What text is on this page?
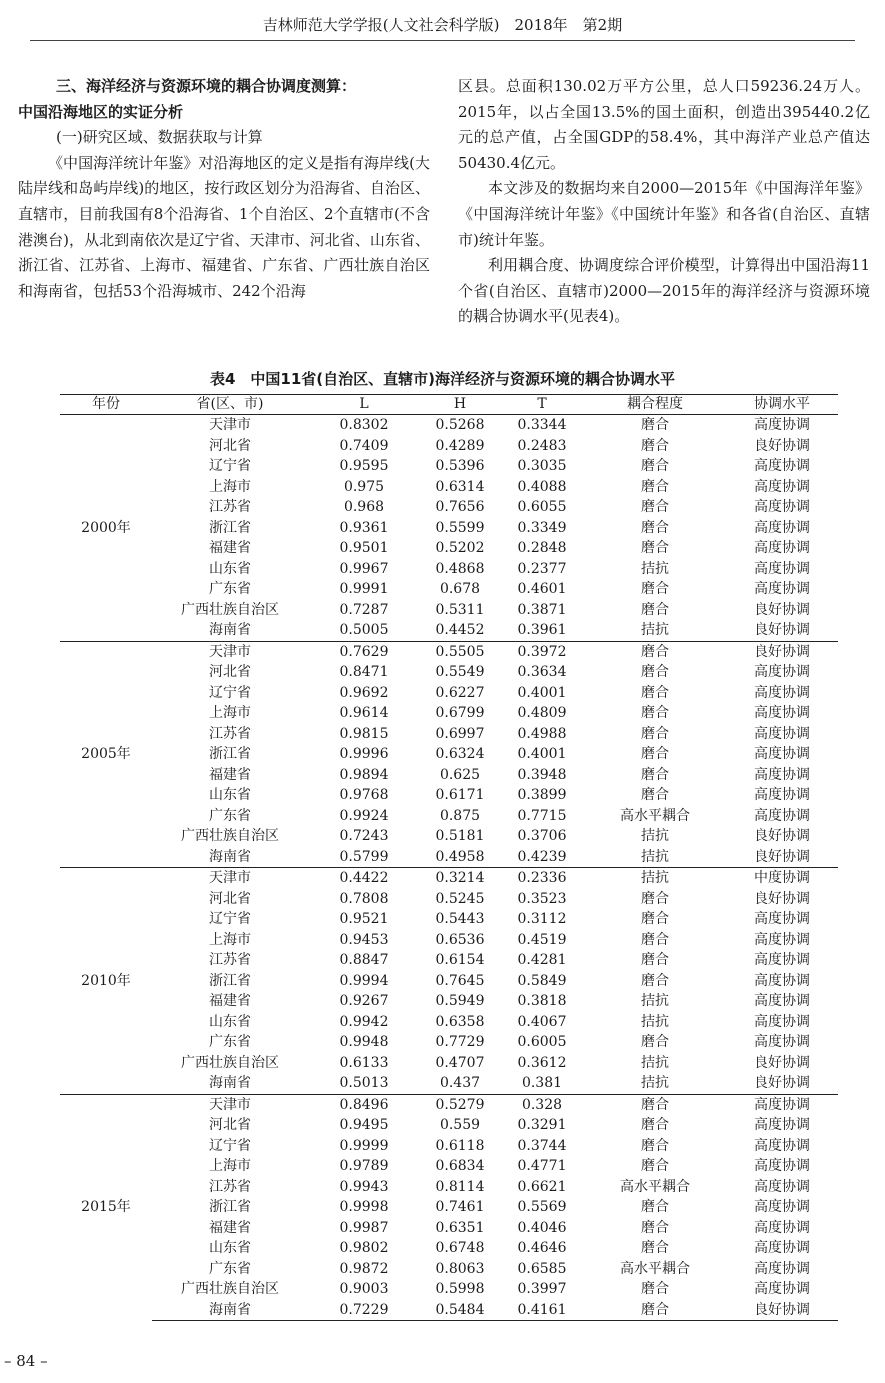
吉林师范大学学报(人文社会科学版)　2018年　第2期

三、海洋经济与资源环境的耦合协调度测算：
中国沿海地区的实证分析

(一)研究区域、数据获取与计算

《中国海洋统计年鉴》对沿海地区的定义是指有海岸线(大陆岸线和岛屿岸线)的地区，按行政区划分为沿海省、自治区、直辖市，目前我国有8个沿海省、1个自治区、2个直辖市(不含港澳台)，从北到南依次是辽宁省、天津市、河北省、山东省、浙江省、江苏省、上海市、福建省、广东省、广西壮族自治区和海南省，包括53个沿海城市、242个沿海

区县。总面积130.02万平方公里，总人口59236.24万人。2015年，以占全国13.5%的国土面积，创造出395440.2亿元的总产值，占全国GDP的58.4%，其中海洋产业总产值达50430.4亿元。

本文涉及的数据均来自2000—2015年《中国海洋年鉴》《中国海洋统计年鉴》《中国统计年鉴》和各省(自治区、直辖市)统计年鉴。

利用耦合度、协调度综合评价模型，计算得出中国沿海11个省(自治区、直辖市)2000—2015年的海洋经济与资源环境的耦合协调水平(见表4)。

表4　中国11省(自治区、直辖市)海洋经济与资源环境的耦合协调水平
年份	省(区、市)	L	H	T	耦合程度	协调水平
2000年	天津市	0.8302	0.5268	0.3344	磨合	高度协调
	河北省	0.7409	0.4289	0.2483	磨合	良好协调
	辽宁省	0.9595	0.5396	0.3035	磨合	高度协调
	上海市	0.975	0.6314	0.4088	磨合	高度协调
	江苏省	0.968	0.7656	0.6055	磨合	高度协调
	浙江省	0.9361	0.5599	0.3349	磨合	高度协调
	福建省	0.9501	0.5202	0.2848	磨合	高度协调
	山东省	0.9967	0.4868	0.2377	拮抗	高度协调
	广东省	0.9991	0.678	0.4601	磨合	高度协调
	广西壮族自治区	0.7287	0.5311	0.3871	磨合	良好协调
	海南省	0.5005	0.4452	0.3961	拮抗	良好协调
2005年	天津市	0.7629	0.5505	0.3972	磨合	良好协调
	河北省	0.8471	0.5549	0.3634	磨合	高度协调
	辽宁省	0.9692	0.6227	0.4001	磨合	高度协调
	上海市	0.9614	0.6799	0.4809	磨合	高度协调
	江苏省	0.9815	0.6997	0.4988	磨合	高度协调
	浙江省	0.9996	0.6324	0.4001	磨合	高度协调
	福建省	0.9894	0.625	0.3948	磨合	高度协调
	山东省	0.9768	0.6171	0.3899	磨合	高度协调
	广东省	0.9924	0.875	0.7715	高水平耦合	高度协调
	广西壮族自治区	0.7243	0.5181	0.3706	拮抗	良好协调
	海南省	0.5799	0.4958	0.4239	拮抗	良好协调
2010年	天津市	0.4422	0.3214	0.2336	拮抗	中度协调
	河北省	0.7808	0.5245	0.3523	磨合	良好协调
	辽宁省	0.9521	0.5443	0.3112	磨合	高度协调
	上海市	0.9453	0.6536	0.4519	磨合	高度协调
	江苏省	0.8847	0.6154	0.4281	磨合	高度协调
	浙江省	0.9994	0.7645	0.5849	磨合	高度协调
	福建省	0.9267	0.5949	0.3818	拮抗	高度协调
	山东省	0.9942	0.6358	0.4067	拮抗	高度协调
	广东省	0.9948	0.7729	0.6005	磨合	高度协调
	广西壮族自治区	0.6133	0.4707	0.3612	拮抗	良好协调
	海南省	0.5013	0.437	0.381	拮抗	良好协调
2015年	天津市	0.8496	0.5279	0.328	磨合	高度协调
	河北省	0.9495	0.559	0.3291	磨合	高度协调
	辽宁省	0.9999	0.6118	0.3744	磨合	高度协调
	上海市	0.9789	0.6834	0.4771	磨合	高度协调
	江苏省	0.9943	0.8114	0.6621	高水平耦合	高度协调
	浙江省	0.9998	0.7461	0.5569	磨合	高度协调
	福建省	0.9987	0.6351	0.4046	磨合	高度协调
	山东省	0.9802	0.6748	0.4646	磨合	高度协调
	广东省	0.9872	0.8063	0.6585	高水平耦合	高度协调
	广西壮族自治区	0.9003	0.5998	0.3997	磨合	高度协调
	海南省	0.7229	0.5484	0.4161	磨合	良好协调
– 84 –
